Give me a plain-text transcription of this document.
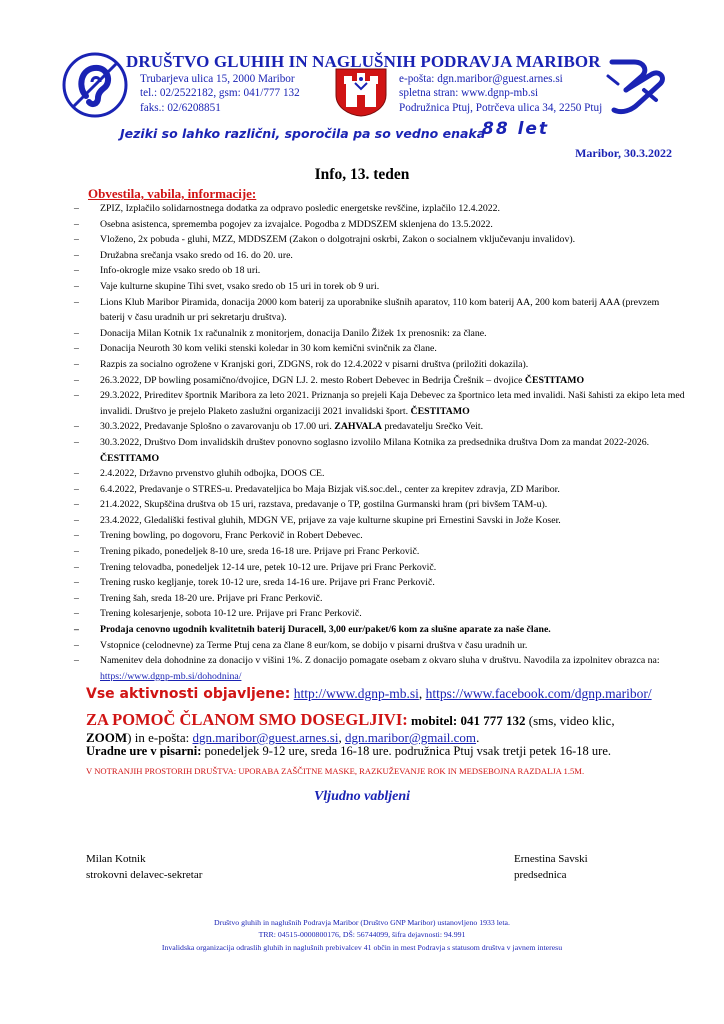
DRUŠTVO GLUHIH IN NAGLUŠNIH PODRAVJA MARIBOR
Trubarjeva ulica 15, 2000 Maribor
tel.: 02/2522182, gsm: 041/777 132
faks.: 02/6208851
e-pošta: dgn.maribor@guest.arnes.si
spletna stran: www.dgnp-mb.si
Podružnica Ptuj, Potrčeva ulica 34, 2250 Ptuj
Jeziki so lahko različni, sporočila pa so vedno enaka
88 let
Maribor, 30.3.2022
Info, 13. teden
Obvestila, vabila, informacije:
– ZPIZ, Izplačilo solidarnostnega dodatka za odpravo posledic energetske revščine, izplačilo 12.4.2022.
– Osebna asistenca, sprememba pogojev za izvajalce. Pogodba z MDDSZEM sklenjena do 13.5.2022.
– Vloženo, 2x pobuda - gluhi, MZZ, MDDSZEM (Zakon o dolgotrajni oskrbi, Zakon o socialnem vključevanju invalidov).
– Družabna srečanja vsako sredo od 16. do 20. ure.
– Info-okrogle mize vsako sredo ob 18 uri.
– Vaje kulturne skupine Tihi svet, vsako sredo ob 15 uri in torek ob 9 uri.
– Lions Klub Maribor Piramida, donacija 2000 kom baterij za uporabnike slušnih aparatov, 110 kom baterij AA, 200 kom baterij AAA (prevzem baterij v času uradnih ur pri sekretarju društva).
– Donacija Milan Kotnik 1x računalnik z monitorjem, donacija Danilo Žižek 1x prenosnik: za člane.
– Donacija Neuroth 30 kom veliki stenski koledar in 30 kom kemični svinčnik za člane.
– Razpis za socialno ogrožene v Kranjski gori, ZDGNS, rok do 12.4.2022 v pisarni društva (priložiti dokazila).
– 26.3.2022, DP bowling posamično/dvojice, DGN LJ. 2. mesto Robert Debevec in Bedrija Črešnik – dvojice ČESTITAMO
– 29.3.2022, Prireditev športnik Maribora za leto 2021. Priznanja so prejeli Kaja Debevec za športnico leta med invalidi. Naši šahisti za ekipo leta med invalidi. Društvo je prejelo Plaketo zaslužni organizaciji 2021 invalidski šport. ČESTITAMO
– 30.3.2022, Predavanje Splošno o zavarovanju ob 17.00 uri. ZAHVALA predavatelju Srečko Veit.
– 30.3.2022, Društvo Dom invalidskih društev ponovno soglasno izvolilo Milana Kotnika za predsednika društva Dom za mandat 2022-2026. ČESTITAMO
– 2.4.2022, Državno prvenstvo gluhih odbojka, DOOS CE.
– 6.4.2022, Predavanje o STRES-u. Predavateljica bo Maja Bizjak viš.soc.del., center za krepitev zdravja, ZD Maribor.
– 21.4.2022, Skupščina društva ob 15 uri, razstava, predavanje o TP, gostilna Gurmanski hram (pri bivšem TAM-u).
– 23.4.2022, Gledališki festival gluhih, MDGN VE, prijave za vaje kulturne skupine pri Ernestini Savski in Jože Koser.
– Trening bowling, po dogovoru, Franc Perkovič in Robert Debevec.
– Trening pikado, ponedeljek 8-10 ure, sreda 16-18 ure. Prijave pri Franc Perkovič.
– Trening telovadba, ponedeljek 12-14 ure, petek 10-12 ure. Prijave pri Franc Perkovič.
– Trening rusko kegljanje, torek 10-12 ure, sreda 14-16 ure. Prijave pri Franc Perkovič.
– Trening šah, sreda 18-20 ure. Prijave pri Franc Perkovič.
– Trening kolesarjenje, sobota 10-12 ure. Prijave pri Franc Perkovič.
– Prodaja cenovno ugodnih kvalitetnih baterij Duracell, 3,00 eur/paket/6 kom za slušne aparate za naše člane.
– Vstopnice (celodnevne) za Terme Ptuj cena za člane 8 eur/kom, se dobijo v pisarni društva v času uradnih ur.
– Namenitev dela dohodnine za donacijo v višini 1%. Z donacijo pomagate osebam z okvaro sluha v društvu. Navodila za izpolnitev obrazca na: https://www.dgnp-mb.si/dohodnina/
Vse aktivnosti objavljene: http://www.dgnp-mb.si, https://www.facebook.com/dgnp.maribor/
ZA POMOČ ČLANOM SMO DOSEGLJIVI: mobitel: 041 777 132 (sms, video klic,
ZOOM) in e-pošta: dgn.maribor@guest.arnes.si, dgn.maribor@gmail.com.
Uradne ure v pisarni: ponedeljek 9-12 ure, sreda 16-18 ure. podružnica Ptuj vsak tretji petek 16-18 ure.
V NOTRANJIH PROSTORIH DRUŠTVA: UPORABA ZAŠČITNE MASKE, RAZKUŽEVANJE ROK IN MEDSEBOJNA RAZDALJA 1.5M.
Vljudno vabljeni
Milan Kotnik
strokovni delavec-sekretar
Ernestina Savski
predsednica
Društvo gluhih in naglušnih Podravja Maribor (Društvo GNP Maribor) ustanovljeno 1933 leta.
TRR: 04515-0000800176, DŠ: 56744099, šifra dejavnosti: 94.991
Invalidska organizacija odraslih gluhih in naglušnih prebivalcev 41 občin in mest Podravja s statusom društva v javnem interesu
